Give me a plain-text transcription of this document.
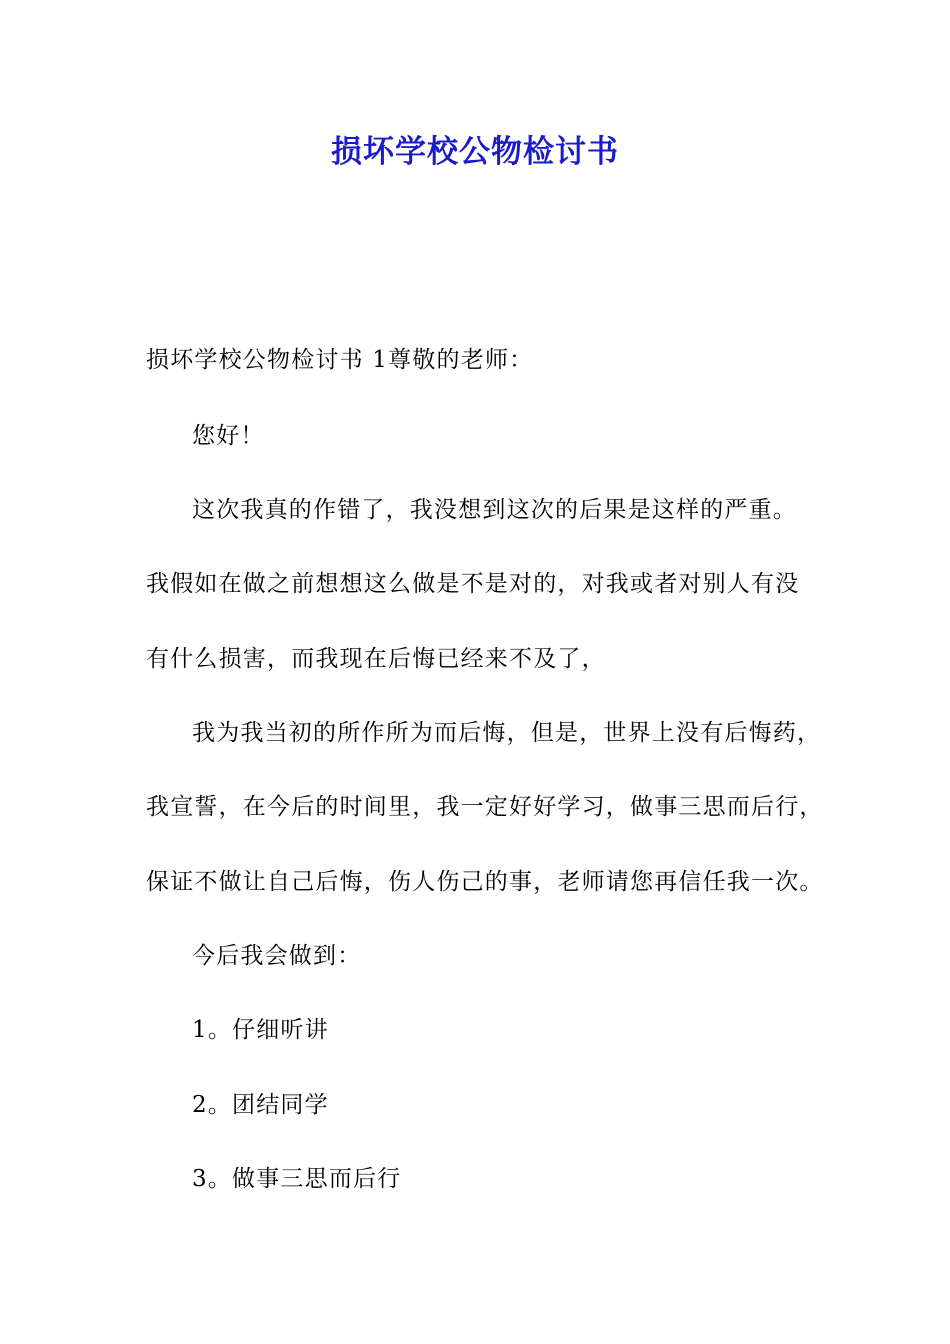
损坏学校公物检讨书
损坏学校公物检讨书 1尊敬的老师：
您好！
这次我真的作错了，我没想到这次的后果是这样的严重。
我假如在做之前想想这么做是不是对的，对我或者对别人有没
有什么损害，而我现在后悔已经来不及了，
我为我当初的所作所为而后悔，但是，世界上没有后悔药，
我宣誓，在今后的时间里，我一定好好学习，做事三思而后行，
保证不做让自己后悔，伤人伤己的事，老师请您再信任我一次。
今后我会做到：
1。仔细听讲
2。团结同学
3。做事三思而后行
